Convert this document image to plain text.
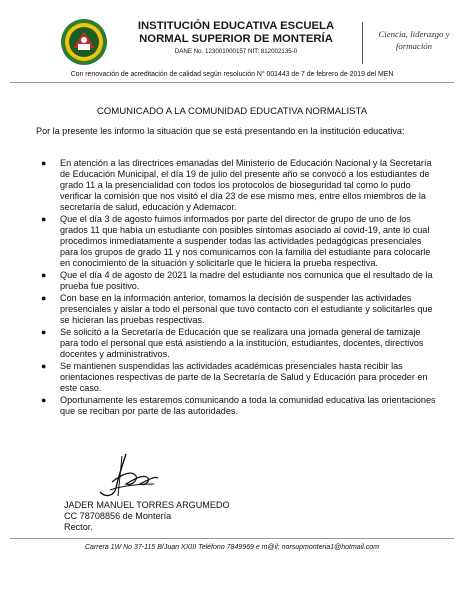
INSTITUCIÓN EDUCATIVA ESCUELA
NORMAL SUPERIOR DE MONTERÍA
DANE No. 123001000157 NIT: 812002135-0
Ciencia, liderazgo y
formación
Con renovación de acreditación de calidad según resolución N° 001443 de 7 de febrero de 2019 del MEN
COMUNICADO A LA COMUNIDAD EDUCATIVA NORMALISTA
Por la presente les informo la situación que se está presentando en la institución educativa:
● En atención a las directrices emanadas del Ministerio de Educación Nacional y la Secretaría de Educación Municipal, el día 19 de julio del presente año se convocó a los estudiantes de grado 11 a la presencialidad con todos los protocolos de bioseguridad tal como lo pudo verificar la comisión que nos visitó el día 23 de ese mismo mes, entre ellos miembros de la secretaría de salud, educación y Ademacor.
● Que el día 3 de agosto fuimos informados por parte del director de grupo de uno de los grados 11 que había un estudiante con posibles síntomas asociado al covid-19, ante lo cual procedimos inmediatamente a suspender todas las actividades pedagógicas presenciales para los grupos de grado 11 y nos comunicamos con la familia del estudiante para colocarle en conocimiento de la situación y solicitarle que le hiciera la prueba respectiva.
● Que el día 4 de agosto de 2021 la madre del estudiante nos comunica que el resultado de la prueba fue positivo.
● Con base en la información anterior, tomamos la decisión de suspender las actividades presenciales y aislar a todo el personal que tuvo contacto con el estudiante y solicitarles que se hicieran las pruebas respectivas.
● Se solicitó a la Secretaría de Educación que se realizara una jornada general de tamizaje para todo el personal que está asistiendo a la institución, estudiantes, docentes, directivos docentes y administrativos.
● Se mantienen suspendidas las actividades académicas presenciales hasta recibir las orientaciones respectivas de parte de la Secretaría de Salud y Educación para proceder en este caso.
● Oportunamente les estaremos comunicando a toda la comunidad educativa las orientaciones que se reciban por parte de las autoridades.
JADER MANUEL TORRES ARGUMEDO
CC 78708856 de Montería
Rector.
Carrera 1W No 37-115 B/Juan XXIII Teléfono 7849969 e m@il: norsupmonteria1@hotmail.com
